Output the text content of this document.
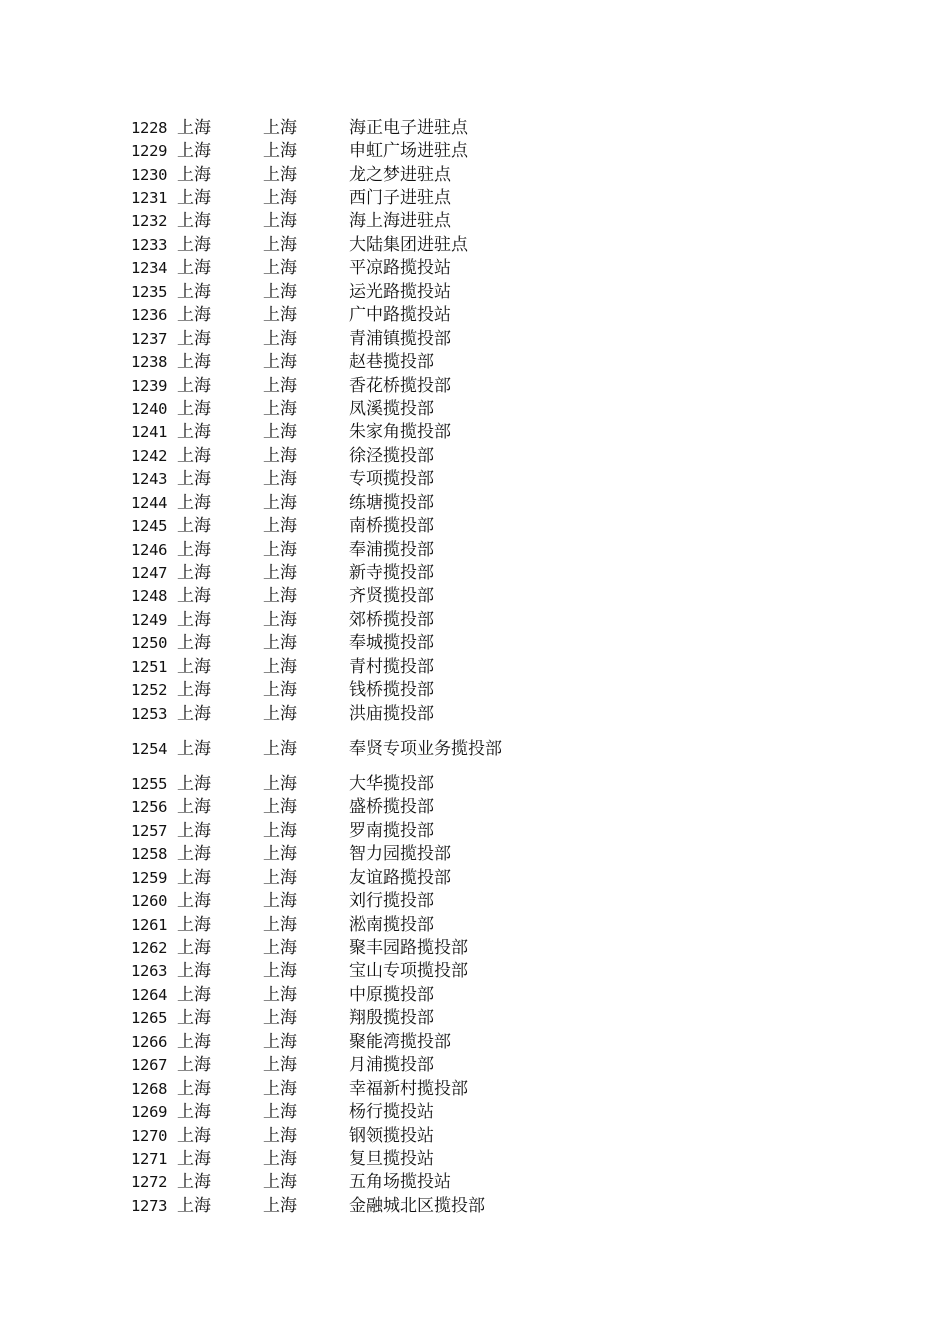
1228 上海	上海	海正电子进驻点
1229 上海	上海	申虹广场进驻点
1230 上海	上海	龙之梦进驻点
1231 上海	上海	西门子进驻点
1232 上海	上海	海上海进驻点
1233 上海	上海	大陆集团进驻点
1234 上海	上海	平凉路揽投站
1235 上海	上海	运光路揽投站
1236 上海	上海	广中路揽投站
1237 上海	上海	青浦镇揽投部
1238 上海	上海	赵巷揽投部
1239 上海	上海	香花桥揽投部
1240 上海	上海	凤溪揽投部
1241 上海	上海	朱家角揽投部
1242 上海	上海	徐泾揽投部
1243 上海	上海	专项揽投部
1244 上海	上海	练塘揽投部
1245 上海	上海	南桥揽投部
1246 上海	上海	奉浦揽投部
1247 上海	上海	新寺揽投部
1248 上海	上海	齐贤揽投部
1249 上海	上海	郊桥揽投部
1250 上海	上海	奉城揽投部
1251 上海	上海	青村揽投部
1252 上海	上海	钱桥揽投部
1253 上海	上海	洪庙揽投部
1254 上海	上海	奉贤专项业务揽投部
1255 上海	上海	大华揽投部
1256 上海	上海	盛桥揽投部
1257 上海	上海	罗南揽投部
1258 上海	上海	智力园揽投部
1259 上海	上海	友谊路揽投部
1260 上海	上海	刘行揽投部
1261 上海	上海	淞南揽投部
1262 上海	上海	聚丰园路揽投部
1263 上海	上海	宝山专项揽投部
1264 上海	上海	中原揽投部
1265 上海	上海	翔殷揽投部
1266 上海	上海	聚能湾揽投部
1267 上海	上海	月浦揽投部
1268 上海	上海	幸福新村揽投部
1269 上海	上海	杨行揽投站
1270 上海	上海	钢领揽投站
1271 上海	上海	复旦揽投站
1272 上海	上海	五角场揽投站
1273 上海	上海	金融城北区揽投部
